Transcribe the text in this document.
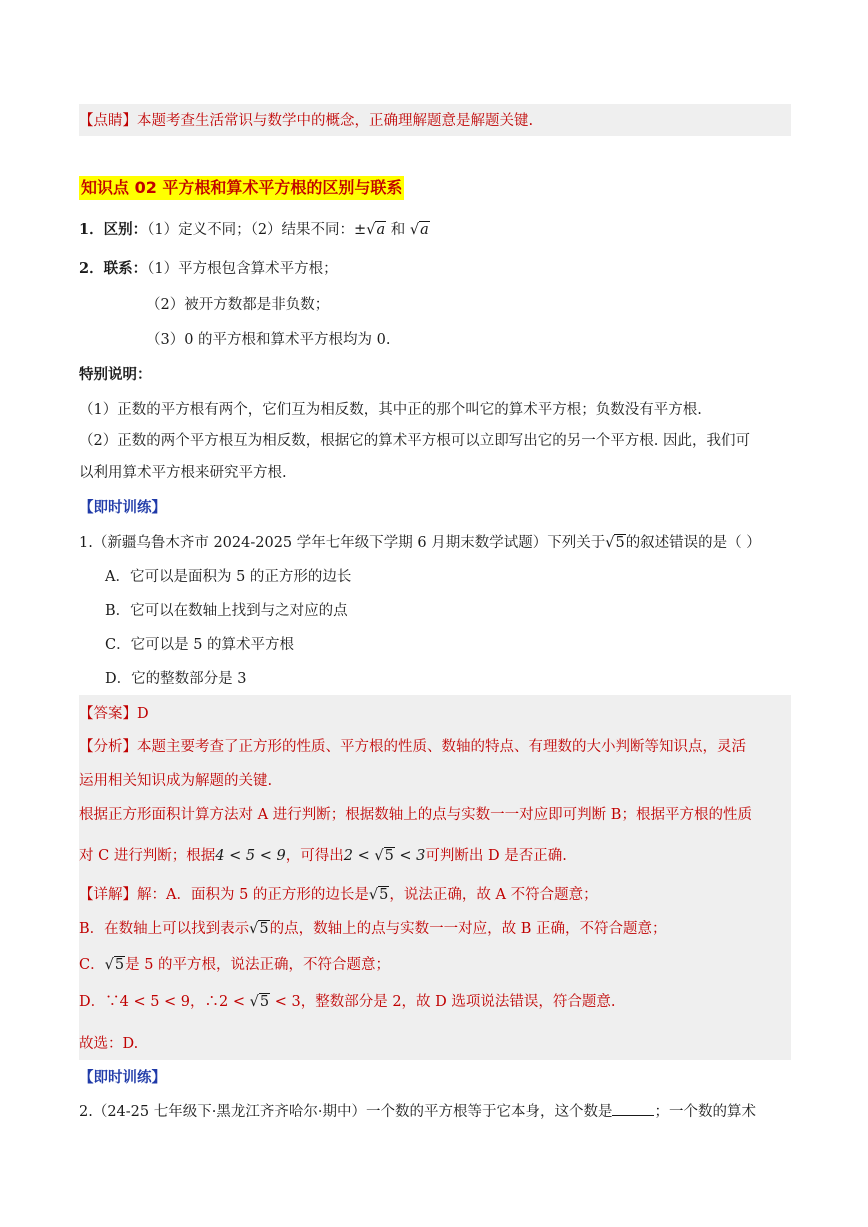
【点睛】本题考查生活常识与数学中的概念，正确理解题意是解题关键.
知识点 02 平方根和算术平方根的区别与联系
1．区别：（1）定义不同；（2）结果不同：±√a 和 √a
2．联系：（1）平方根包含算术平方根；
（2）被开方数都是非负数；
（3）0 的平方根和算术平方根均为 0.
特别说明：
（1）正数的平方根有两个，它们互为相反数，其中正的那个叫它的算术平方根；负数没有平方根.
（2）正数的两个平方根互为相反数，根据它的算术平方根可以立即写出它的另一个平方根. 因此，我们可
以利用算术平方根来研究平方根.
【即时训练】
1.（新疆乌鲁木齐市 2024-2025 学年七年级下学期 6 月期末数学试题）下列关于√5的叙述错误的是（ ）
A．它可以是面积为 5 的正方形的边长
B．它可以在数轴上找到与之对应的点
C．它可以是 5 的算术平方根
D．它的整数部分是 3
【答案】D
【分析】本题主要考查了正方形的性质、平方根的性质、数轴的特点、有理数的大小判断等知识点，灵活
运用相关知识成为解题的关键.
根据正方形面积计算方法对 A 进行判断；根据数轴上的点与实数一一对应即可判断 B；根据平方根的性质
对 C 进行判断；根据4 < 5 < 9，可得出2 < √5 < 3可判断出 D 是否正确.
【详解】解：A．面积为 5 的正方形的边长是√5，说法正确，故 A 不符合题意；
B．在数轴上可以找到表示√5的点，数轴上的点与实数一一对应，故 B 正确，不符合题意；
C．√5是 5 的平方根，说法正确，不符合题意；
D．∵4 < 5 < 9，∴2 < √5 < 3，整数部分是 2，故 D 选项说法错误，符合题意.
故选：D.
【即时训练】
2.（24-25 七年级下·黑龙江齐齐哈尔·期中）一个数的平方根等于它本身，这个数是	；一个数的算术
